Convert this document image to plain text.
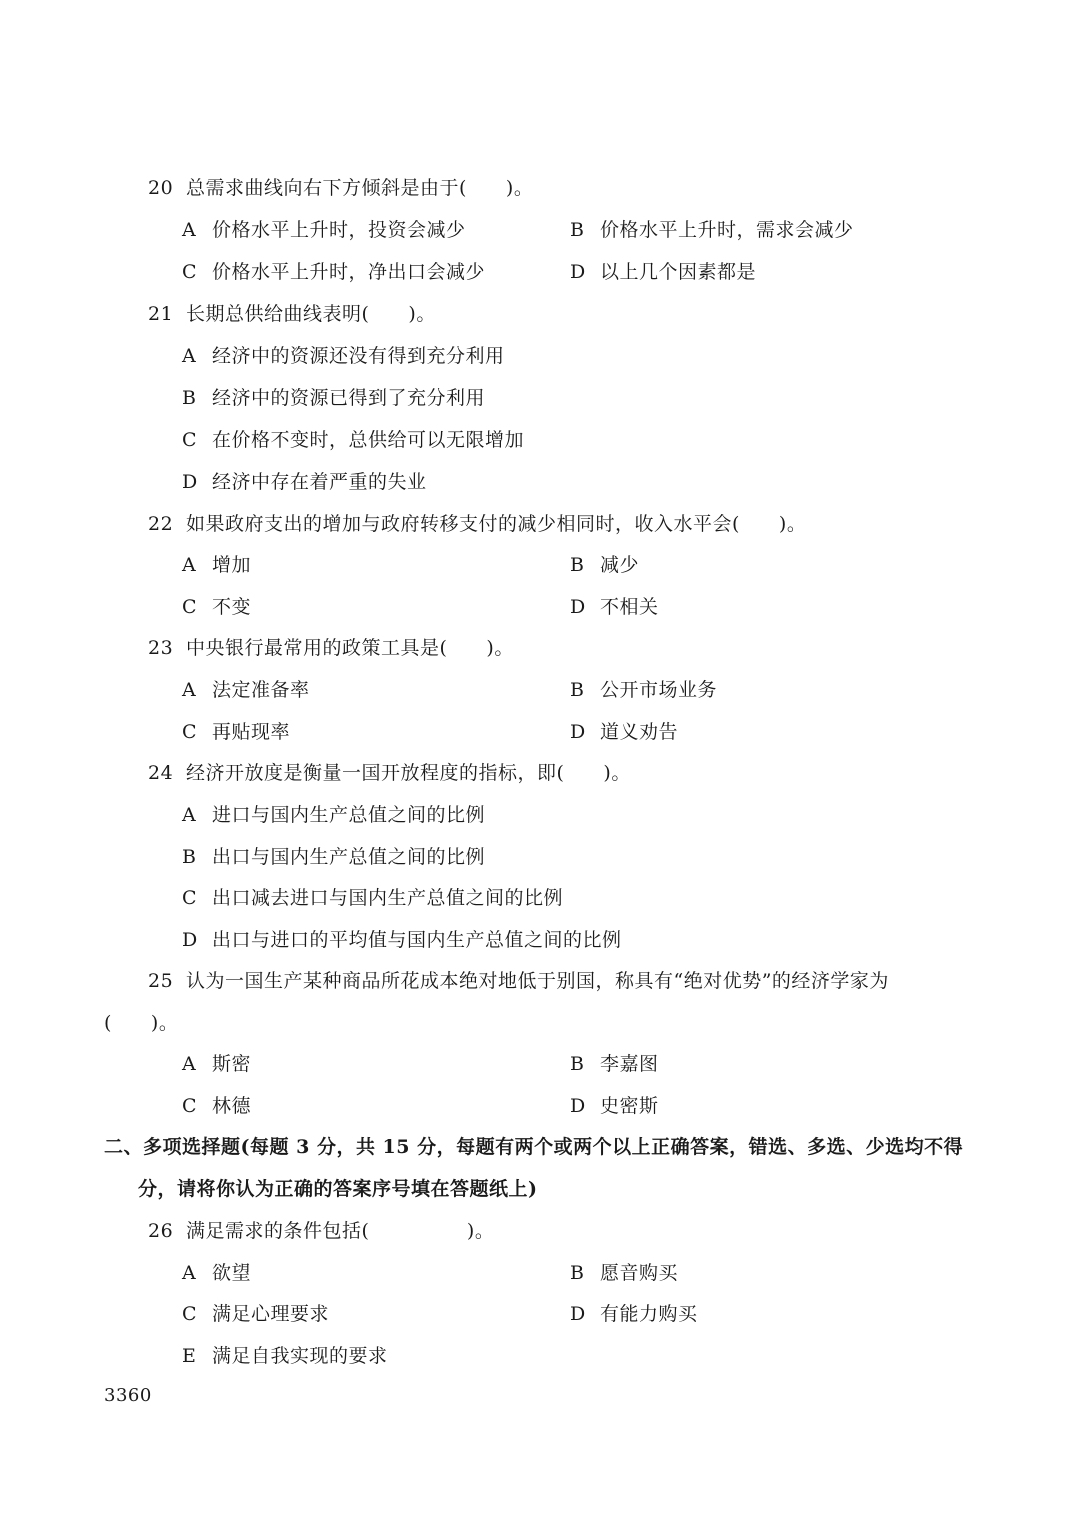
20 总需求曲线向右下方倾斜是由于(　　)。
A 价格水平上升时，投资会减少	B 价格水平上升时，需求会减少
C 价格水平上升时，净出口会减少	D 以上几个因素都是
21 长期总供给曲线表明(　　)。
A 经济中的资源还没有得到充分利用
B 经济中的资源已得到了充分利用
C 在价格不变时，总供给可以无限增加
D 经济中存在着严重的失业
22 如果政府支出的增加与政府转移支付的减少相同时，收入水平会(　　)。
A 增加	B 减少
C 不变	D 不相关
23 中央银行最常用的政策工具是(　　)。
A 法定准备率	B 公开市场业务
C 再贴现率	D 道义劝告
24 经济开放度是衡量一国开放程度的指标，即(　　)。
A 进口与国内生产总值之间的比例
B 出口与国内生产总值之间的比例
C 出口减去进口与国内生产总值之间的比例
D 出口与进口的平均值与国内生产总值之间的比例
25 认为一国生产某种商品所花成本绝对地低于别国，称具有“绝对优势”的经济学家为
(　　)。
A 斯密	B 李嘉图
C 林德	D 史密斯
二、多项选择题(每题 3 分，共 15 分，每题有两个或两个以上正确答案，错选、多选、少选均不得
分，请将你认为正确的答案序号填在答题纸上)
26 满足需求的条件包括(　　　　　)。
A 欲望	B 愿音购买
C 满足心理要求	D 有能力购买
E 满足自我实现的要求
3360
